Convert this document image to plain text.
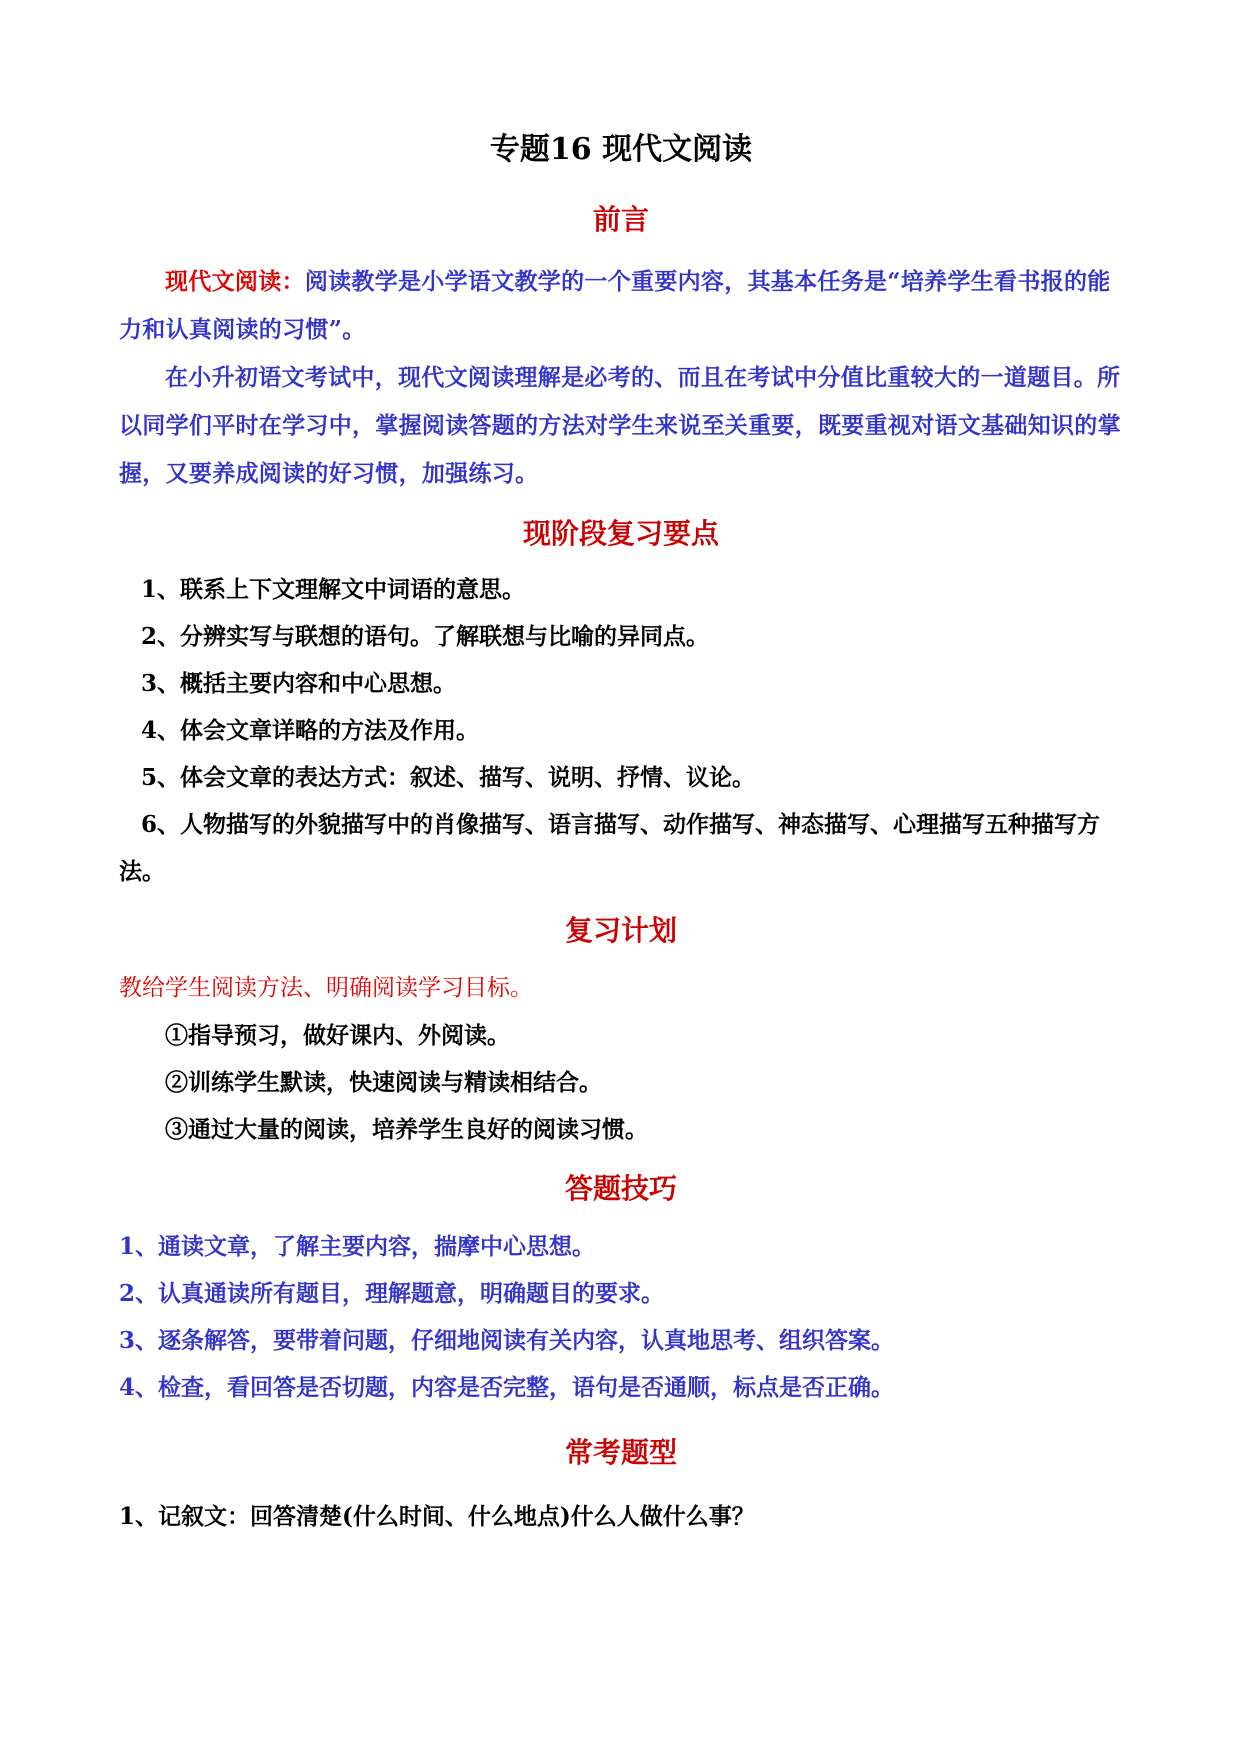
专题16 现代文阅读
前言

现代文阅读：阅读教学是小学语文教学的一个重要内容，其基本任务是“培养学生看书报的能力和认真阅读的习惯”。

在小升初语文考试中，现代文阅读理解是必考的、而且在考试中分值比重较大的一道题目。所以同学们平时在学习中，掌握阅读答题的方法对学生来说至关重要，既要重视对语文基础知识的掌握，又要养成阅读的好习惯，加强练习。

现阶段复习要点

1、联系上下文理解文中词语的意思。

2、分辨实写与联想的语句。了解联想与比喻的异同点。

3、概括主要内容和中心思想。

4、体会文章详略的方法及作用。

5、体会文章的表达方式：叙述、描写、说明、抒情、议论。

6、人物描写的外貌描写中的肖像描写、语言描写、动作描写、神态描写、心理描写五种描写方法。

复习计划

教给学生阅读方法、明确阅读学习目标。

①指导预习，做好课内、外阅读。

②训练学生默读，快速阅读与精读相结合。

③通过大量的阅读，培养学生良好的阅读习惯。

答题技巧

1、通读文章，了解主要内容，揣摩中心思想。

2、认真通读所有题目，理解题意，明确题目的要求。

3、逐条解答，要带着问题，仔细地阅读有关内容，认真地思考、组织答案。

4、检查，看回答是否切题，内容是否完整，语句是否通顺，标点是否正确。

常考题型

1、记叙文：回答清楚(什么时间、什么地点)什么人做什么事？
